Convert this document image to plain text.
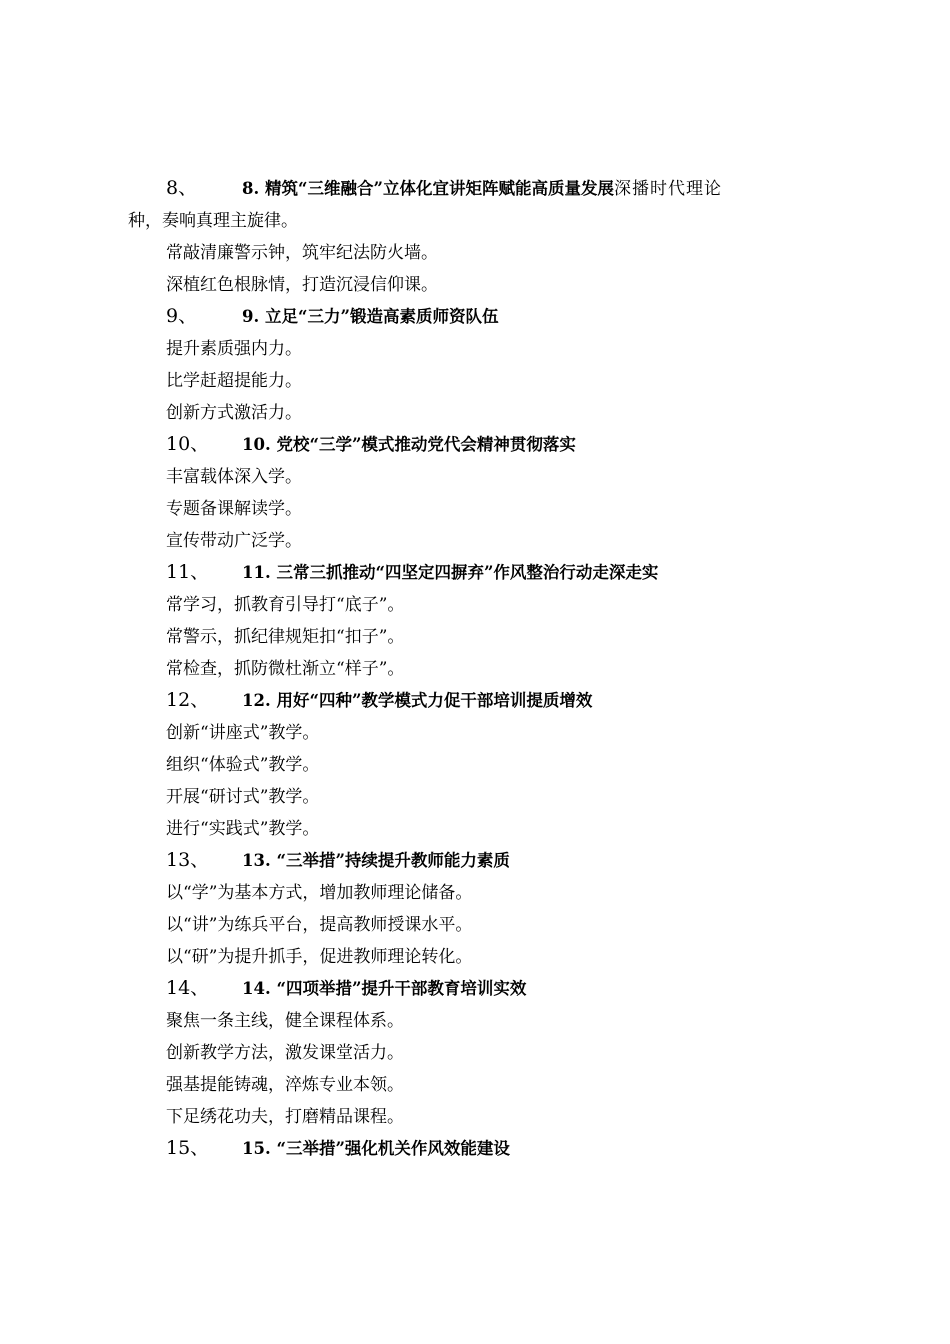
8、	8. 精筑“三维融合”立体化宜讲矩阵赋能高质量发展深播时代理论
种，奏响真理主旋律。
常敲清廉警示钟，筑牢纪法防火墙。
深植红色根脉情，打造沉浸信仰课。
9、	9. 立足“三力”锻造高素质师资队伍
提升素质强内力。
比学赶超提能力。
创新方式激活力。
10、 10. 党校“三学”模式推动党代会精神贯彻落实
丰富载体深入学。
专题备课解读学。
宣传带动广泛学。
11、 11. 三常三抓推动“四坚定四摒弃”作风整治行动走深走实
常学习，抓教育引导打“底子”。
常警示，抓纪律规矩扣“扣子”。
常检查，抓防微杜渐立“样子”。
12、 12. 用好“四种”教学模式力促干部培训提质增效
创新“讲座式”教学。
组织“体验式”教学。
开展“研讨式”教学。
进行“实践式”教学。
13、 13. “三举措”持续提升教师能力素质
以“学”为基本方式，增加教师理论储备。
以“讲”为练兵平台，提高教师授课水平。
以“研”为提升抓手，促进教师理论转化。
14、 14. “四项举措”提升干部教育培训实效
聚焦一条主线，健全课程体系。
创新教学方法，激发课堂活力。
强基提能铸魂，淬炼专业本领。
下足绣花功夫，打磨精品课程。
15、 15. “三举措”强化机关作风效能建设
